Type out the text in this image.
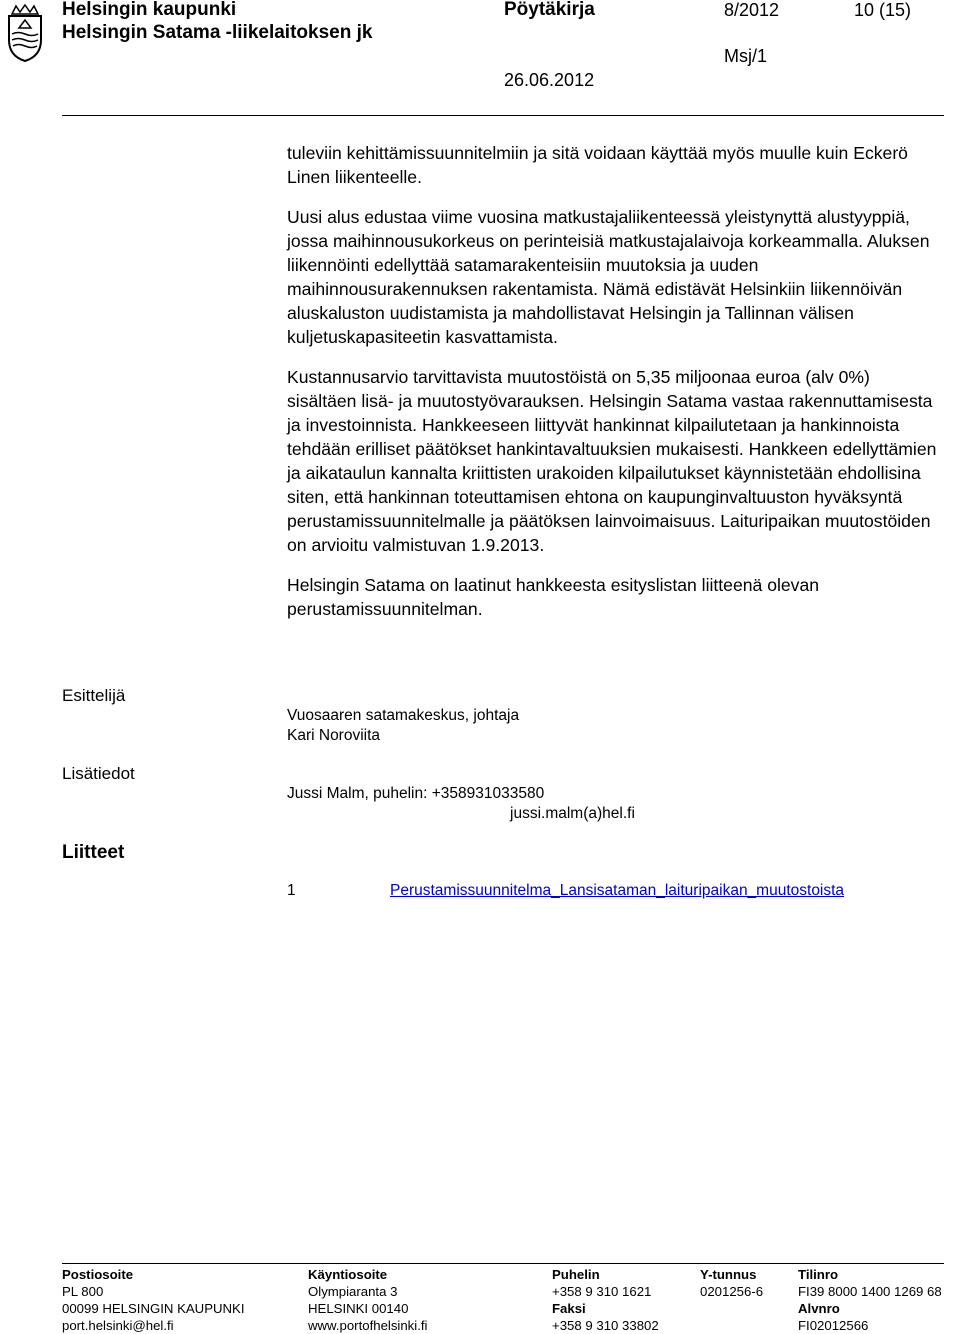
Helsingin kaupunki
Helsingin Satama -liikelaitoksen jk
Pöytäkirja	8/2012	10 (15)
Msj/1
26.06.2012

tuleviin kehittämissuunnitelmiin ja sitä voidaan käyttää myös muulle kuin Eckerö Linen liikenteelle.

Uusi alus edustaa viime vuosina matkustajaliikenteessä yleistynyttä alustyyppiä, jossa maihinnousukorkeus on perinteisiä matkustajalaivoja korkeammalla. Aluksen liikennöinti edellyttää satamarakenteisiin muutoksia ja uuden maihinnousurakennuksen rakentamista. Nämä edistävät Helsinkiin liikennöivän aluskaluston uudistamista ja mahdollistavat Helsingin ja Tallinnan välisen kuljetuskapasiteetin kasvattamista.

Kustannusarvio tarvittavista muutostöistä on 5,35 miljoonaa euroa (alv 0%) sisältäen lisä- ja muutostyövarauksen. Helsingin Satama vastaa rakennuttamisesta ja investoinnista. Hankkeeseen liittyvät hankinnat kilpailutetaan ja hankinnoista tehdään erilliset päätökset hankintavaltuuksien mukaisesti. Hankkeen edellyttämien ja aikataulun kannalta kriittisten urakoiden kilpailutukset käynnistetään ehdollisina siten, että hankinnan toteuttamisen ehtona on kaupunginvaltuuston hyväksyntä perustamissuunnitelmalle ja päätöksen lainvoimaisuus. Laituripaikan muutostöiden on arvioitu valmistuvan 1.9.2013.

Helsingin Satama on laatinut hankkeesta esityslistan liitteenä olevan perustamissuunnitelman.

Esittelijä
Vuosaaren satamakeskus, johtaja
Kari Noroviita
Lisätiedot
Jussi Malm, puhelin: +358931033580
jussi.malm(a)hel.fi
Liitteet
1	Perustamissuunnitelma_Lansisataman_laituripaikan_muutostoista
Postiosoite
PL 800
00099 HELSINGIN KAUPUNKI
port.helsinki@hel.fi
Käyntiosoite
Olympiaranta 3
HELSINKI 00140
www.portofhelsinki.fi
Puhelin
+358 9 310 1621
Faksi
+358 9 310 33802
Y-tunnus
0201256-6
Tilinro
FI39 8000 1400 1269 68
Alvnro
FI02012566
